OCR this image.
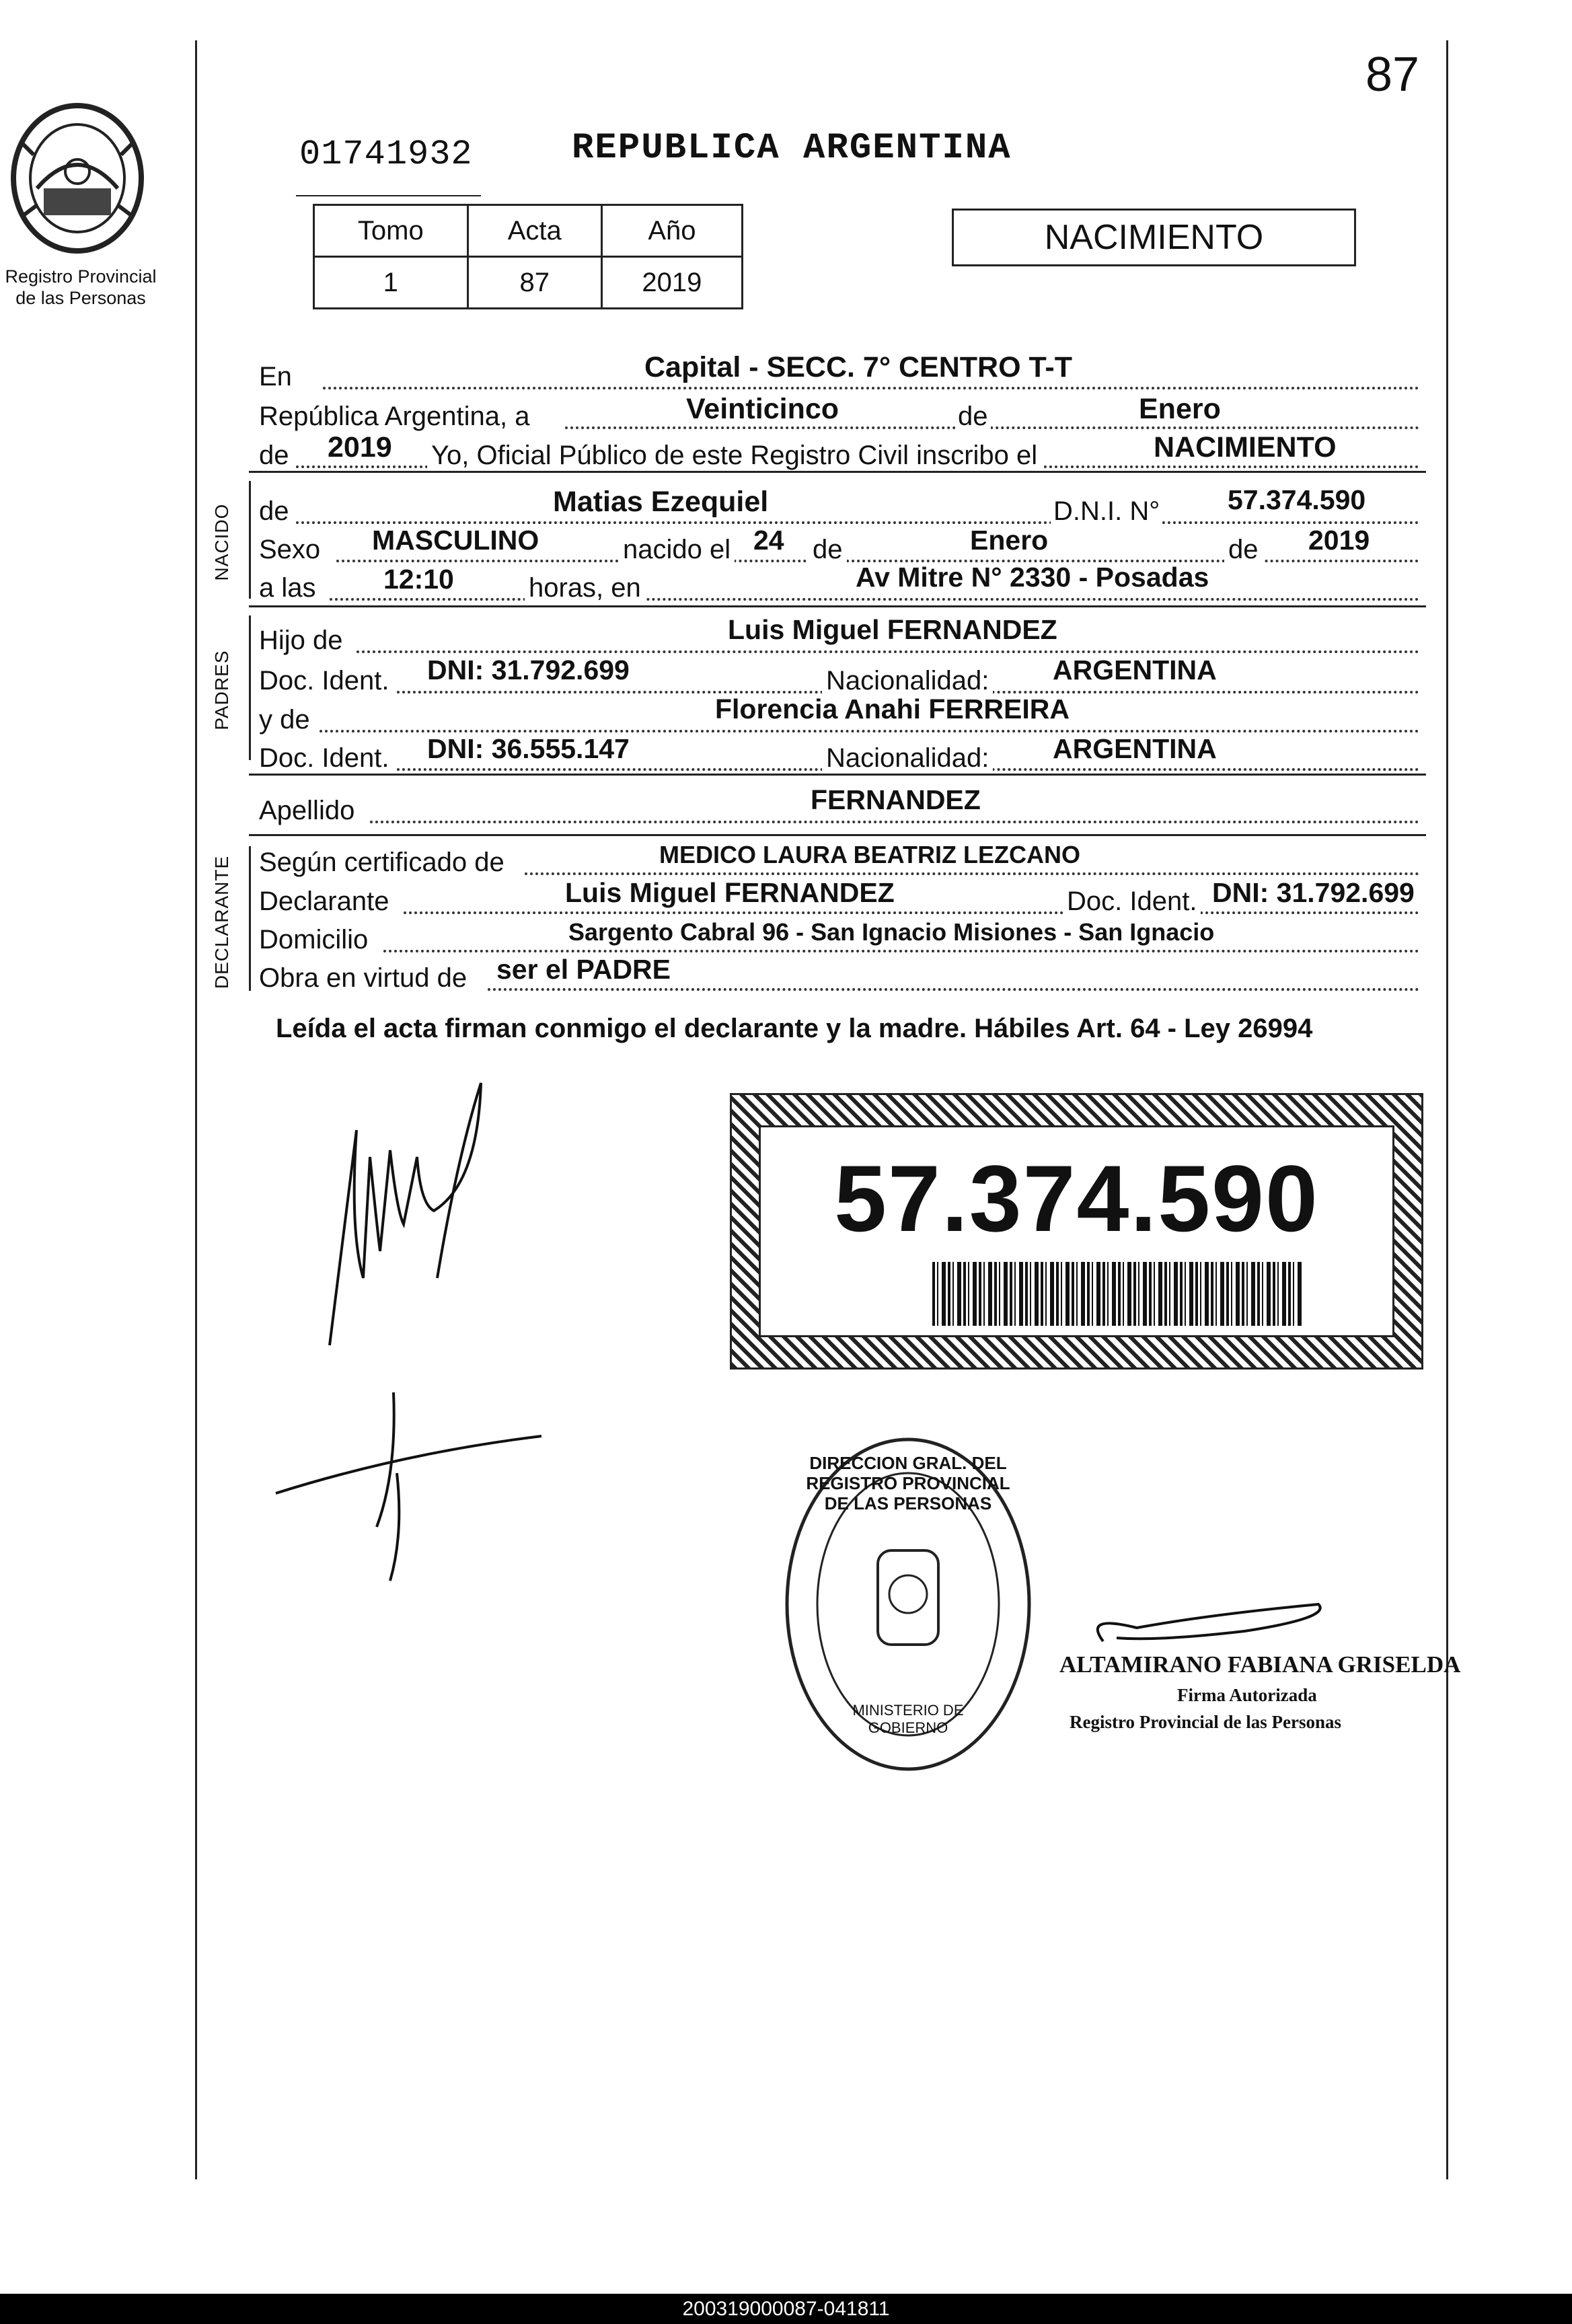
87
Registro Provincial
de las Personas
01741932	REPUBLICA ARGENTINA
Tomo	Acta	Año
1	87	2019
NACIMIENTO
En	Capital - SECC. 7° CENTRO T-T
República Argentina, a	Veinticinco	de	Enero
de 2019 Yo, Oficial Público de este Registro Civil inscribo el	NACIMIENTO
NACIDO de	Matias Ezequiel	D.N.I. N° 57.374.590
Sexo MASCULINO	nacido el 24 de	Enero	de 2019
a las 12:10	horas, en	Av Mitre N° 2330 - Posadas
PADRES
Hijo de	Luis Miguel FERNANDEZ
Doc. Ident. DNI: 31.792.699	Nacionalidad: ARGENTINA
y de	Florencia Anahi FERREIRA
Doc. Ident. DNI: 36.555.147	Nacionalidad: ARGENTINA
Apellido	FERNANDEZ
DECLARANTE Según certificado de	MEDICO LAURA BEATRIZ LEZCANO
Declarante	Luis Miguel FERNANDEZ	Doc. Ident. DNI: 31.792.699
Domicilio	Sargento Cabral 96 - San Ignacio Misiones - San Ignacio
Obra en virtud de ser el PADRE
Leída el acta firman conmigo el declarante y la madre. Hábiles Art. 64 - Ley 26994
57.374.590
DIRECCION GRAL. DEL REGISTRO PROVINCIAL DE LAS PERSONAS
MINISTERIO DE GOBIERNO
ALTAMIRANO FABIANA GRISELDA
Firma Autorizada
Registro Provincial de las Personas
200319000087-041811
